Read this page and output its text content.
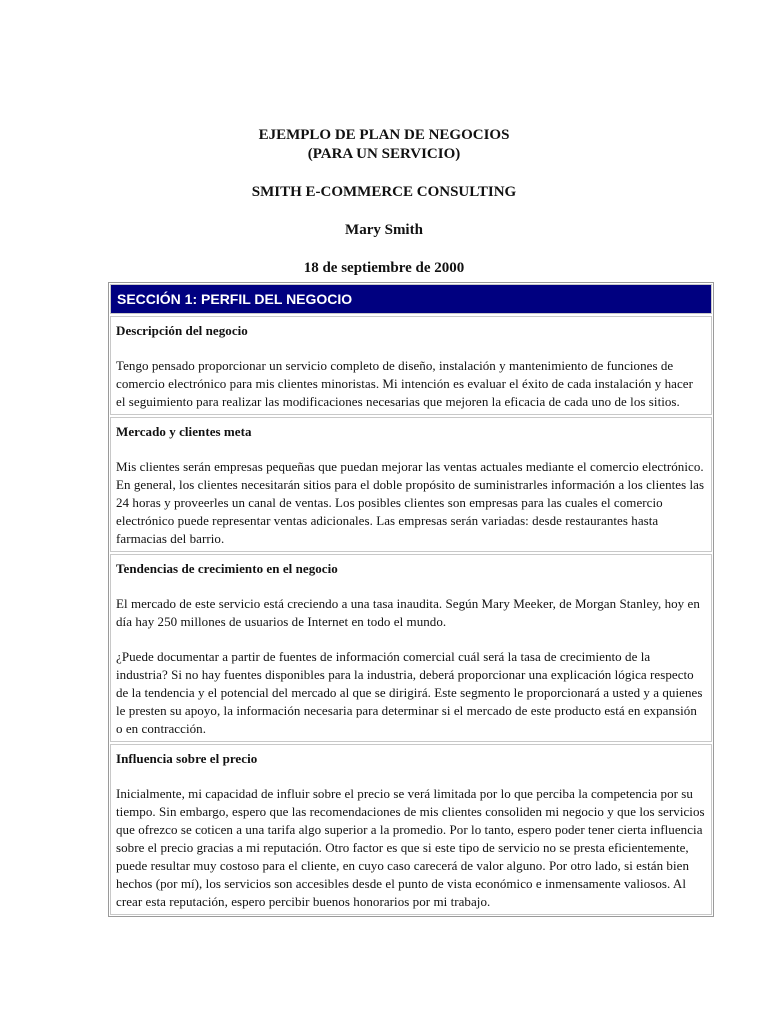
EJEMPLO DE PLAN DE NEGOCIOS
(PARA UN SERVICIO)
SMITH E-COMMERCE CONSULTING
Mary Smith
18 de septiembre de 2000
SECCIÓN 1: PERFIL DEL NEGOCIO
Descripción del negocio

Tengo pensado proporcionar un servicio completo de diseño, instalación y mantenimiento de funciones de comercio electrónico para mis clientes minoristas. Mi intención es evaluar el éxito de cada instalación y hacer el seguimiento para realizar las modificaciones necesarias que mejoren la eficacia de cada uno de los sitios.

Mercado y clientes meta

Mis clientes serán empresas pequeñas que puedan mejorar las ventas actuales mediante el comercio electrónico. En general, los clientes necesitarán sitios para el doble propósito de suministrarles información a los clientes las 24 horas y proveerles un canal de ventas. Los posibles clientes son empresas para las cuales el comercio electrónico puede representar ventas adicionales. Las empresas serán variadas: desde restaurantes hasta farmacias del barrio.

Tendencias de crecimiento en el negocio

El mercado de este servicio está creciendo a una tasa inaudita. Según Mary Meeker, de Morgan Stanley, hoy en día hay 250 millones de usuarios de Internet en todo el mundo.

¿Puede documentar a partir de fuentes de información comercial cuál será la tasa de crecimiento de la industria? Si no hay fuentes disponibles para la industria, deberá proporcionar una explicación lógica respecto de la tendencia y el potencial del mercado al que se dirigirá. Este segmento le proporcionará a usted y a quienes le presten su apoyo, la información necesaria para determinar si el mercado de este producto está en expansión o en contracción.

Influencia sobre el precio

Inicialmente, mi capacidad de influir sobre el precio se verá limitada por lo que perciba la competencia por su tiempo. Sin embargo, espero que las recomendaciones de mis clientes consoliden mi negocio y que los servicios que ofrezco se coticen a una tarifa algo superior a la promedio. Por lo tanto, espero poder tener cierta influencia sobre el precio gracias a mi reputación. Otro factor es que si este tipo de servicio no se presta eficientemente, puede resultar muy costoso para el cliente, en cuyo caso carecerá de valor alguno. Por otro lado, si están bien hechos (por mí), los servicios son accesibles desde el punto de vista económico e inmensamente valiosos. Al crear esta reputación, espero percibir buenos honorarios por mi trabajo.
